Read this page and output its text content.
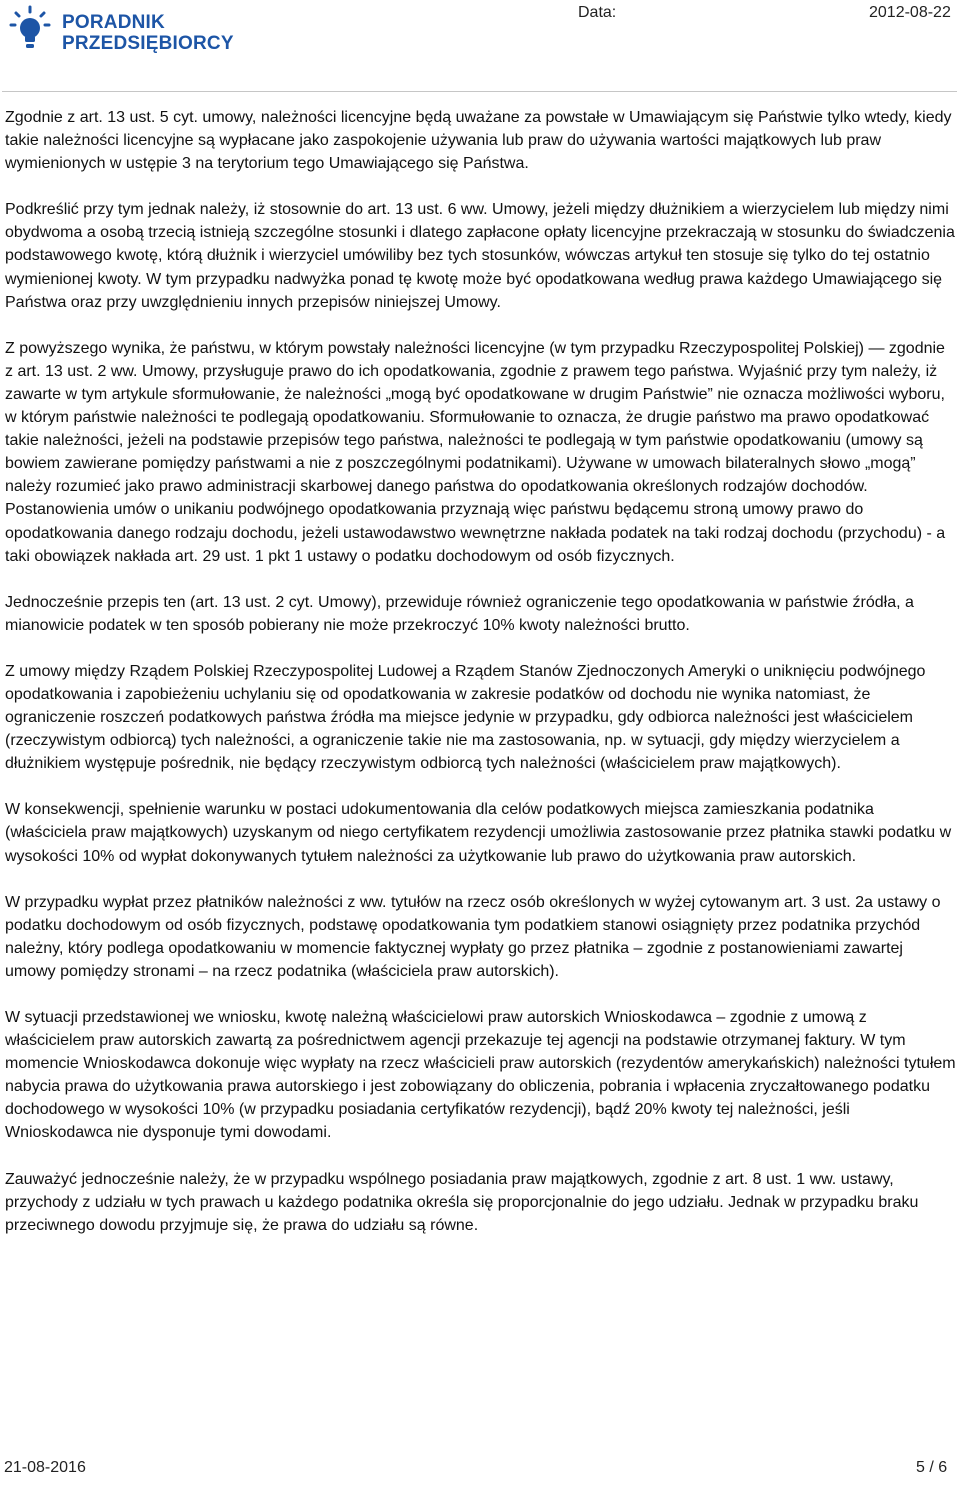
PORADNIK
PRZEDSIĘBIORCY
Data:	2012-08-22

Zgodnie z art. 13 ust. 5 cyt. umowy, należności licencyjne będą uważane za powstałe w Umawiającym się Państwie tylko wtedy, kiedy takie należności licencyjne są wypłacane jako zaspokojenie używania lub praw do używania wartości majątkowych lub praw wymienionych w ustępie 3 na terytorium tego Umawiającego się Państwa.

Podkreślić przy tym jednak należy, iż stosownie do art. 13 ust. 6 ww. Umowy, jeżeli między dłużnikiem a wierzycielem lub między nimi obydwoma a osobą trzecią istnieją szczególne stosunki i dlatego zapłacone opłaty licencyjne przekraczają w stosunku do świadczenia podstawowego kwotę, którą dłużnik i wierzyciel umówiliby bez tych stosunków, wówczas artykuł ten stosuje się tylko do tej ostatnio wymienionej kwoty. W tym przypadku nadwyżka ponad tę kwotę może być opodatkowana według prawa każdego Umawiającego się Państwa oraz przy uwzględnieniu innych przepisów niniejszej Umowy.

Z powyższego wynika, że państwu, w którym powstały należności licencyjne (w tym przypadku Rzeczypospolitej Polskiej) — zgodnie z art. 13 ust. 2 ww. Umowy, przysługuje prawo do ich opodatkowania, zgodnie z prawem tego państwa. Wyjaśnić przy tym należy, iż zawarte w tym artykule sformułowanie, że należności „mogą być opodatkowane w drugim Państwie” nie oznacza możliwości wyboru, w którym państwie należności te podlegają opodatkowaniu. Sformułowanie to oznacza, że drugie państwo ma prawo opodatkować takie należności, jeżeli na podstawie przepisów tego państwa, należności te podlegają w tym państwie opodatkowaniu (umowy są bowiem zawierane pomiędzy państwami a nie z poszczególnymi podatnikami). Używane w umowach bilateralnych słowo „mogą” należy rozumieć jako prawo administracji skarbowej danego państwa do opodatkowania określonych rodzajów dochodów. Postanowienia umów o unikaniu podwójnego opodatkowania przyznają więc państwu będącemu stroną umowy prawo do opodatkowania danego rodzaju dochodu, jeżeli ustawodawstwo wewnętrzne nakłada podatek na taki rodzaj dochodu (przychodu) - a taki obowiązek nakłada art. 29 ust. 1 pkt 1 ustawy o podatku dochodowym od osób fizycznych.

Jednocześnie przepis ten (art. 13 ust. 2 cyt. Umowy), przewiduje również ograniczenie tego opodatkowania w państwie źródła, a mianowicie podatek w ten sposób pobierany nie może przekroczyć 10% kwoty należności brutto.

Z umowy między Rządem Polskiej Rzeczypospolitej Ludowej a Rządem Stanów Zjednoczonych Ameryki o uniknięciu podwójnego opodatkowania i zapobieżeniu uchylaniu się od opodatkowania w zakresie podatków od dochodu nie wynika natomiast, że ograniczenie roszczeń podatkowych państwa źródła ma miejsce jedynie w przypadku, gdy odbiorca należności jest właścicielem (rzeczywistym odbiorcą) tych należności, a ograniczenie takie nie ma zastosowania, np. w sytuacji, gdy między wierzycielem a dłużnikiem występuje pośrednik, nie będący rzeczywistym odbiorcą tych należności (właścicielem praw majątkowych).

W konsekwencji, spełnienie warunku w postaci udokumentowania dla celów podatkowych miejsca zamieszkania podatnika (właściciela praw majątkowych) uzyskanym od niego certyfikatem rezydencji umożliwia zastosowanie przez płatnika stawki podatku w wysokości 10% od wypłat dokonywanych tytułem należności za użytkowanie lub prawo do użytkowania praw autorskich.

W przypadku wypłat przez płatników należności z ww. tytułów na rzecz osób określonych w wyżej cytowanym art. 3 ust. 2a ustawy o podatku dochodowym od osób fizycznych, podstawę opodatkowania tym podatkiem stanowi osiągnięty przez podatnika przychód należny, który podlega opodatkowaniu w momencie faktycznej wypłaty go przez płatnika – zgodnie z postanowieniami zawartej umowy pomiędzy stronami – na rzecz podatnika (właściciela praw autorskich).

W sytuacji przedstawionej we wniosku, kwotę należną właścicielowi praw autorskich Wnioskodawca – zgodnie z umową z właścicielem praw autorskich zawartą za pośrednictwem agencji przekazuje tej agencji na podstawie otrzymanej faktury. W tym momencie Wnioskodawca dokonuje więc wypłaty na rzecz właścicieli praw autorskich (rezydentów amerykańskich) należności tytułem nabycia prawa do użytkowania prawa autorskiego i jest zobowiązany do obliczenia, pobrania i wpłacenia zryczałtowanego podatku dochodowego w wysokości 10% (w przypadku posiadania certyfikatów rezydencji), bądź 20% kwoty tej należności, jeśli Wnioskodawca nie dysponuje tymi dowodami.

Zauważyć jednocześnie należy, że w przypadku wspólnego posiadania praw majątkowych, zgodnie z art. 8 ust. 1 ww. ustawy, przychody z udziału w tych prawach u każdego podatnika określa się proporcjonalnie do jego udziału. Jednak w przypadku braku przeciwnego dowodu przyjmuje się, że prawa do udziału są równe.

21-08-2016	5 / 6
